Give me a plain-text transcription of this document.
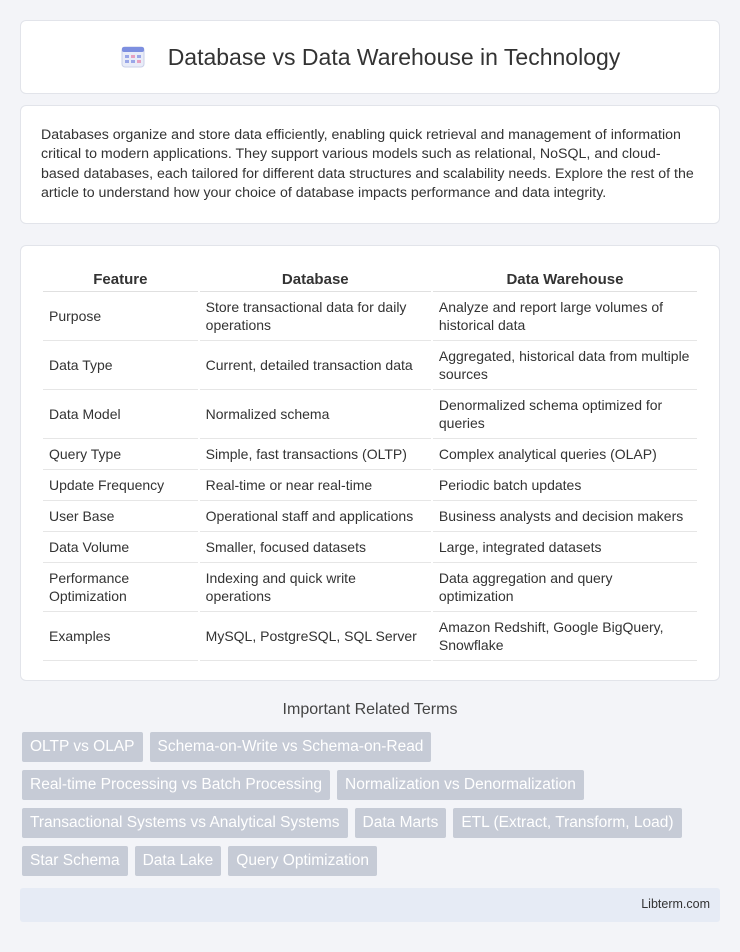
Database vs Data Warehouse in Technology

Databases organize and store data efficiently, enabling quick retrieval and management of information critical to modern applications. They support various models such as relational, NoSQL, and cloud-based databases, each tailored for different data structures and scalability needs. Explore the rest of the article to understand how your choice of database impacts performance and data integrity.

Feature	Database	Data Warehouse
Purpose	Store transactional data for daily operations	Analyze and report large volumes of historical data
Data Type	Current, detailed transaction data	Aggregated, historical data from multiple sources
Data Model	Normalized schema	Denormalized schema optimized for queries
Query Type	Simple, fast transactions (OLTP)	Complex analytical queries (OLAP)
Update Frequency	Real-time or near real-time	Periodic batch updates
User Base	Operational staff and applications	Business analysts and decision makers
Data Volume	Smaller, focused datasets	Large, integrated datasets
Performance Optimization	Indexing and quick write operations	Data aggregation and query optimization
Examples	MySQL, PostgreSQL, SQL Server	Amazon Redshift, Google BigQuery, Snowflake
Important Related Terms
OLTP vs OLAP	Schema-on-Write vs Schema-on-Read
Real-time Processing vs Batch Processing	Normalization vs Denormalization
Transactional Systems vs Analytical Systems	Data Marts	ETL (Extract, Transform, Load)
Star Schema	Data Lake	Query Optimization
Libterm.com
